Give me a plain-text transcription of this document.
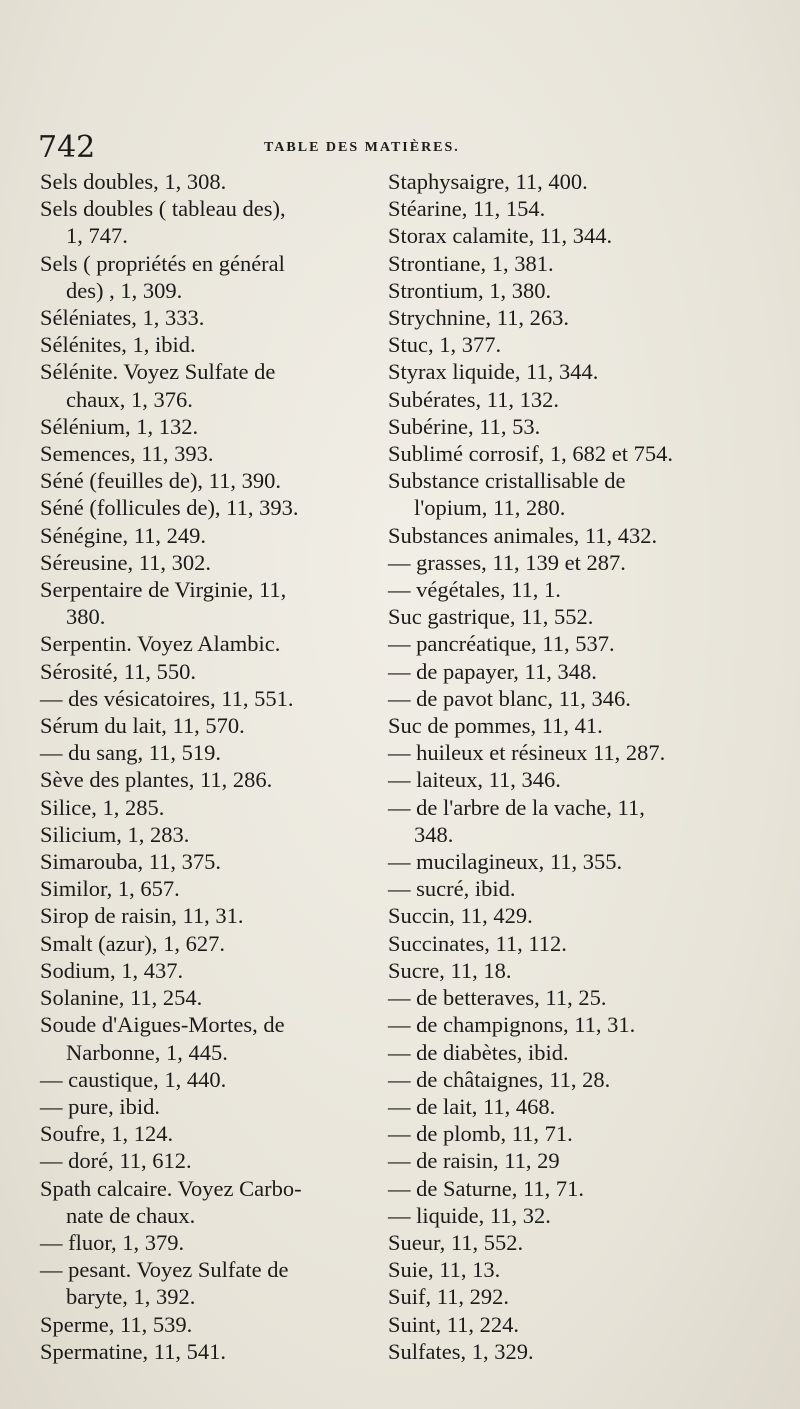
742	TABLE DES MATIÈRES.
Sels doubles, 1, 308.
Sels doubles ( tableau des),
1, 747.
Sels ( propriétés en général
des) , 1, 309.
Séléniates, 1, 333.
Sélénites, 1, ibid.
Sélénite. Voyez Sulfate de
chaux, 1, 376.
Sélénium, 1, 132.
Semences, 11, 393.
Séné (feuilles de), 11, 390.
Séné (follicules de), 11, 393.
Sénégine, 11, 249.
Séreusine, 11, 302.
Serpentaire de Virginie, 11,
380.
Serpentin. Voyez Alambic.
Sérosité, 11, 550.
— des vésicatoires, 11, 551.
Sérum du lait, 11, 570.
— du sang, 11, 519.
Sève des plantes, 11, 286.
Silice, 1, 285.
Silicium, 1, 283.
Simarouba, 11, 375.
Similor, 1, 657.
Sirop de raisin, 11, 31.
Smalt (azur), 1, 627.
Sodium, 1, 437.
Solanine, 11, 254.
Soude d'Aigues-Mortes, de
Narbonne, 1, 445.
— caustique, 1, 440.
— pure, ibid.
Soufre, 1, 124.
— doré, 11, 612.
Spath calcaire. Voyez Carbo-
nate de chaux.
— fluor, 1, 379.
— pesant. Voyez Sulfate de
baryte, 1, 392.
Sperme, 11, 539.
Spermatine, 11, 541.
Staphysaigre, 11, 400.
Stéarine, 11, 154.
Storax calamite, 11, 344.
Strontiane, 1, 381.
Strontium, 1, 380.
Strychnine, 11, 263.
Stuc, 1, 377.
Styrax liquide, 11, 344.
Subérates, 11, 132.
Subérine, 11, 53.
Sublimé corrosif, 1, 682 et 754.
Substance cristallisable de
l'opium, 11, 280.
Substances animales, 11, 432.
— grasses, 11, 139 et 287.
— végétales, 11, 1.
Suc gastrique, 11, 552.
— pancréatique, 11, 537.
— de papayer, 11, 348.
— de pavot blanc, 11, 346.
Suc de pommes, 11, 41.
— huileux et résineux 11, 287.
— laiteux, 11, 346.
— de l'arbre de la vache, 11,
348.
— mucilagineux, 11, 355.
— sucré, ibid.
Succin, 11, 429.
Succinates, 11, 112.
Sucre, 11, 18.
— de betteraves, 11, 25.
— de champignons, 11, 31.
— de diabètes, ibid.
— de châtaignes, 11, 28.
— de lait, 11, 468.
— de plomb, 11, 71.
— de raisin, 11, 29
— de Saturne, 11, 71.
— liquide, 11, 32.
Sueur, 11, 552.
Suie, 11, 13.
Suif, 11, 292.
Suint, 11, 224.
Sulfates, 1, 329.
